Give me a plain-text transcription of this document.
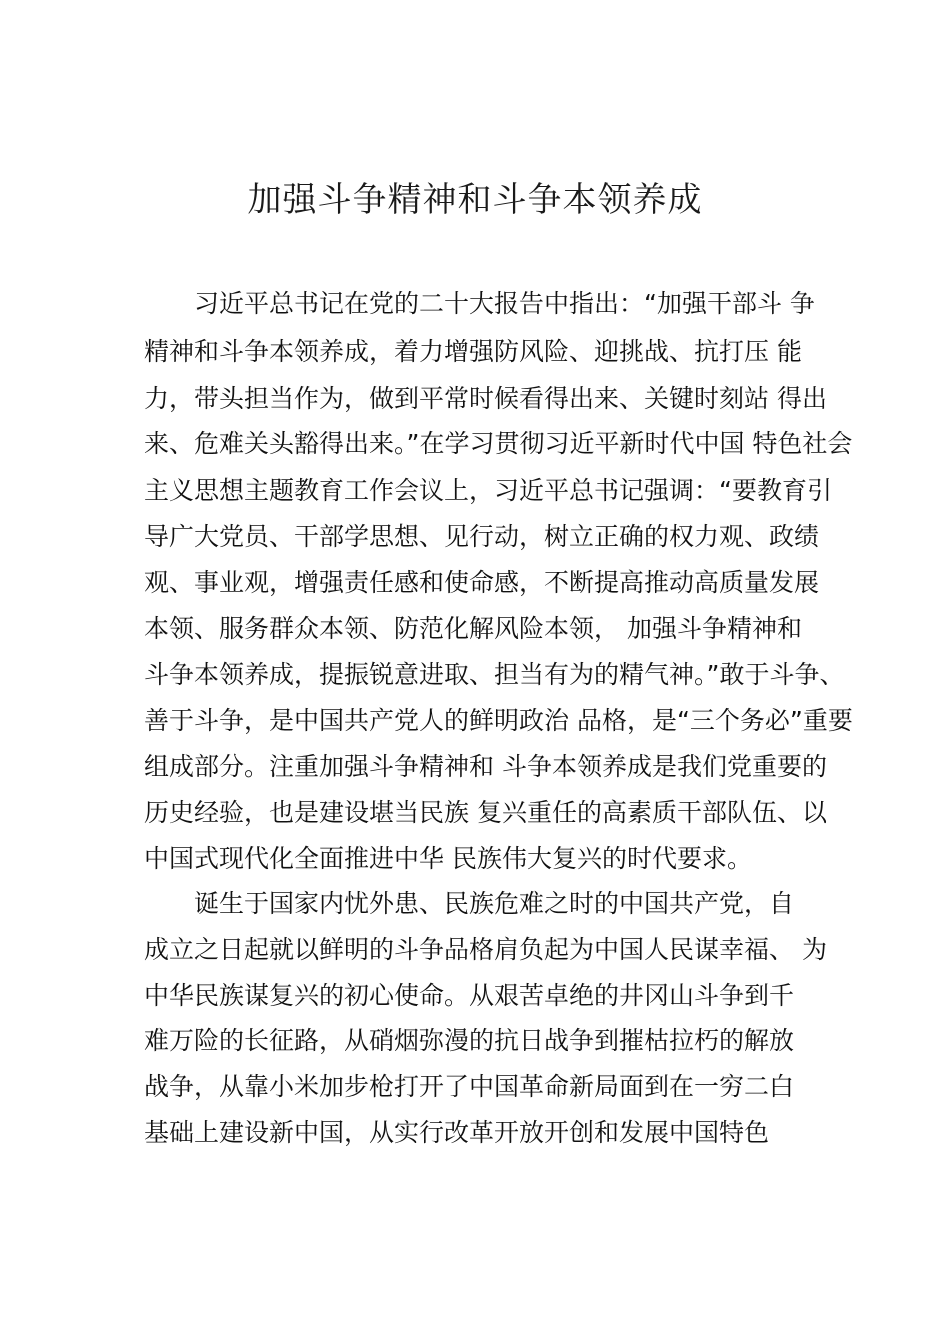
加强斗争精神和斗争本领养成
习近平总书记在党的二十大报告中指出：“加强干部斗 争
精神和斗争本领养成，着力增强防风险、迎挑战、抗打压 能
力，带头担当作为，做到平常时候看得出来、关键时刻站 得出
来、危难关头豁得出来。”在学习贯彻习近平新时代中国 特色社会
主义思想主题教育工作会议上，习近平总书记强调：“要教育引
导广大党员、干部学思想、见行动，树立正确的权力观、政绩
观、事业观，增强责任感和使命感，不断提高推动高质量发展
本领、服务群众本领、防范化解风险本领， 加强斗争精神和
斗争本领养成，提振锐意进取、担当有为的精气神。”敢于斗争、
善于斗争，是中国共产党人的鲜明政治 品格，是“三个务必”重要
组成部分。注重加强斗争精神和 斗争本领养成是我们党重要的
历史经验，也是建设堪当民族 复兴重任的高素质干部队伍、以
中国式现代化全面推进中华 民族伟大复兴的时代要求。
诞生于国家内忧外患、民族危难之时的中国共产党，自
成立之日起就以鲜明的斗争品格肩负起为中国人民谋幸福、 为
中华民族谋复兴的初心使命。从艰苦卓绝的井冈山斗争到千
难万险的长征路，从硝烟弥漫的抗日战争到摧枯拉朽的解放
战争，从靠小米加步枪打开了中国革命新局面到在一穷二白
基础上建设新中国，从实行改革开放开创和发展中国特色
